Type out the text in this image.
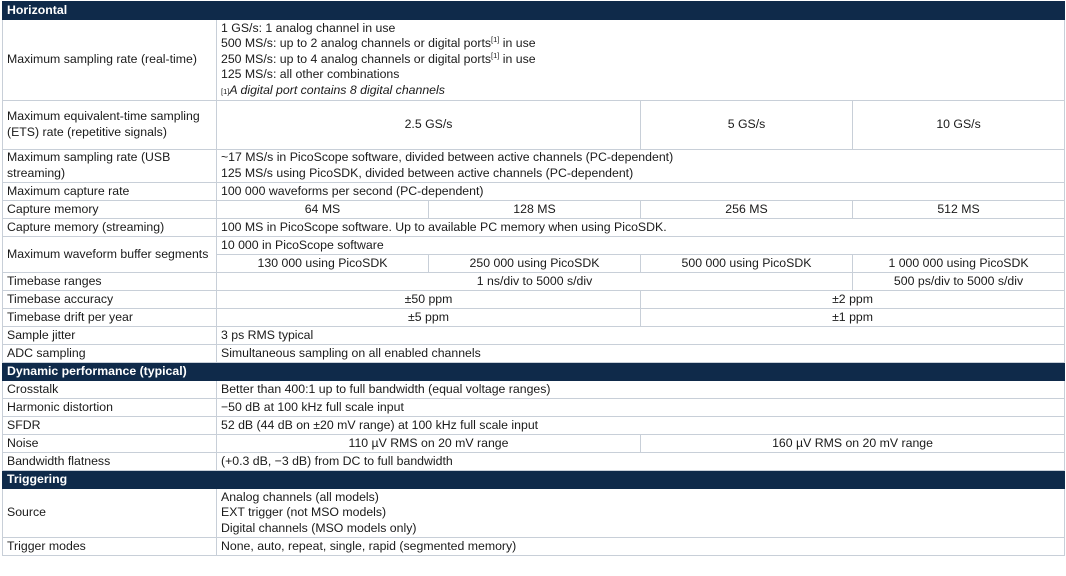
Horizontal				
Maximum sampling rate (real-time)	1 GS/s: 1 analog channel in use
500 MS/s: up to 2 analog channels or digital ports[1] in use
250 MS/s: up to 4 analog channels or digital ports[1] in use
125 MS/s: all other combinations
[1]A digital port contains 8 digital channels			

Maximum equivalent-time sampling (ETS) rate (repetitive signals)	2.5 GS/s		5 GS/s	10 GS/s
Maximum sampling rate (USB streaming)	~17 MS/s in PicoScope software, divided between active channels (PC-dependent)
125 MS/s using PicoSDK, divided between active channels (PC-dependent)			

Maximum capture rate	100 000 waveforms per second (PC-dependent)			
Capture memory	64 MS	128 MS	256 MS	512 MS
Capture memory (streaming)	100 MS in PicoScope software. Up to available PC memory when using PicoSDK.			
Maximum waveform buffer segments	10 000 in PicoScope software			
	130 000 using PicoSDK	250 000 using PicoSDK	500 000 using PicoSDK	1 000 000 using PicoSDK
Timebase ranges	1 ns/div to 5000 s/div			500 ps/div to 5000 s/div
Timebase accuracy	±50 ppm		±2 ppm	
Timebase drift per year	±5 ppm		±1 ppm	
Sample jitter	3 ps RMS typical			
ADC sampling	Simultaneous sampling on all enabled channels			
Dynamic performance (typical)				
Crosstalk	Better than 400:1 up to full bandwidth (equal voltage ranges)			
Harmonic distortion	−50 dB at 100 kHz full scale input			
SFDR	52 dB (44 dB on ±20 mV range) at 100 kHz full scale input			
Noise	110 µV RMS on 20 mV range		160 µV RMS on 20 mV range	
Bandwidth flatness	(+0.3 dB, −3 dB) from DC to full bandwidth			
Triggering				
Source	Analog channels (all models)
EXT trigger (not MSO models)
Digital channels (MSO models only)			

Trigger modes	None, auto, repeat, single, rapid (segmented memory)			
